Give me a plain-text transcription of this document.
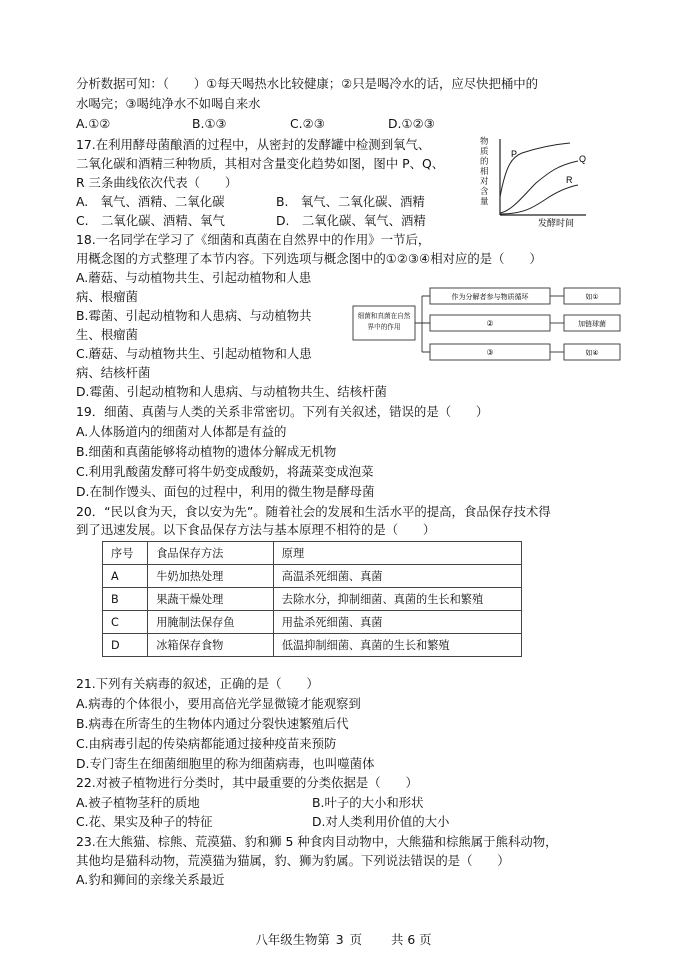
分析数据可知：（　　）①每天喝热水比较健康；②只是喝冷水的话，应尽快把桶中的
水喝完；③喝纯净水不如喝自来水
A.①②	B.①③	C.②③	D.①②③
17.在利用酵母菌酿酒的过程中，从密封的发酵罐中检测到氧气、
二氧化碳和酒精三种物质，其相对含量变化趋势如图，图中 P、Q、
R 三条曲线依次代表（　　）
A.　氧气、酒精、二氧化碳	B.　氧气、二氧化碳、酒精
C.　二氧化碳、酒精、氧气	D.　二氧化碳、氧气、酒精
P	Q
R
发酵时间
物质的相对含量
18.一名同学在学习了《细菌和真菌在自然界中的作用》一节后，
用概念图的方式整理了本节内容。下列选项与概念图中的①②③④相对应的是（　　）
A.蘑菇、与动植物共生、引起动植物和人患
病、根瘤菌
B.霉菌、引起动植物和人患病、与动植物共
生、根瘤菌
C.蘑菇、与动植物共生、引起动植物和人患
病、结核杆菌
D.霉菌、引起动植物和人患病、与动植物共生、结核杆菌
作为分解者参与物质循环
②
③
如①
加链球菌
如④
细菌和真菌在自然界中的作用
19．细菌、真菌与人类的关系非常密切。下列有关叙述，错误的是（　　）
A.人体肠道内的细菌对人体都是有益的
B.细菌和真菌能够将动植物的遗体分解成无机物
C.利用乳酸菌发酵可将牛奶变成酸奶，将蔬菜变成泡菜
D.在制作馒头、面包的过程中，利用的微生物是酵母菌
20．“民以食为天，食以安为先”。随着社会的发展和生活水平的提高，食品保存技术得
到了迅速发展。以下食品保存方法与基本原理不相符的是（　　）
序号	食品保存方法	原理
A	牛奶加热处理	高温杀死细菌、真菌
B	果蔬干燥处理	去除水分，抑制细菌、真菌的生长和繁殖
C	用腌制法保存鱼	用盐杀死细菌、真菌
D	冰箱保存食物	低温抑制细菌、真菌的生长和繁殖
21.下列有关病毒的叙述，正确的是（　　）
A.病毒的个体很小，要用高倍光学显微镜才能观察到
B.病毒在所寄生的生物体内通过分裂快速繁殖后代
C.由病毒引起的传染病都能通过接种疫苗来预防
D.专门寄生在细菌细胞里的称为细菌病毒，也叫噬菌体
22.对被子植物进行分类时，其中最重要的分类依据是（　　）
A.被子植物茎秆的质地	B.叶子的大小和形状
C.花、果实及种子的特征	D.对人类利用价值的大小
23.在大熊猫、棕熊、荒漠猫、豹和狮 5 种食肉目动物中，大熊猫和棕熊属于熊科动物，
其他均是猫科动物，荒漠猫为猫属，豹、狮为豹属。下列说法错误的是（　　）
A.豹和狮间的亲缘关系最近
八年级生物第 3 页 共 6 页
